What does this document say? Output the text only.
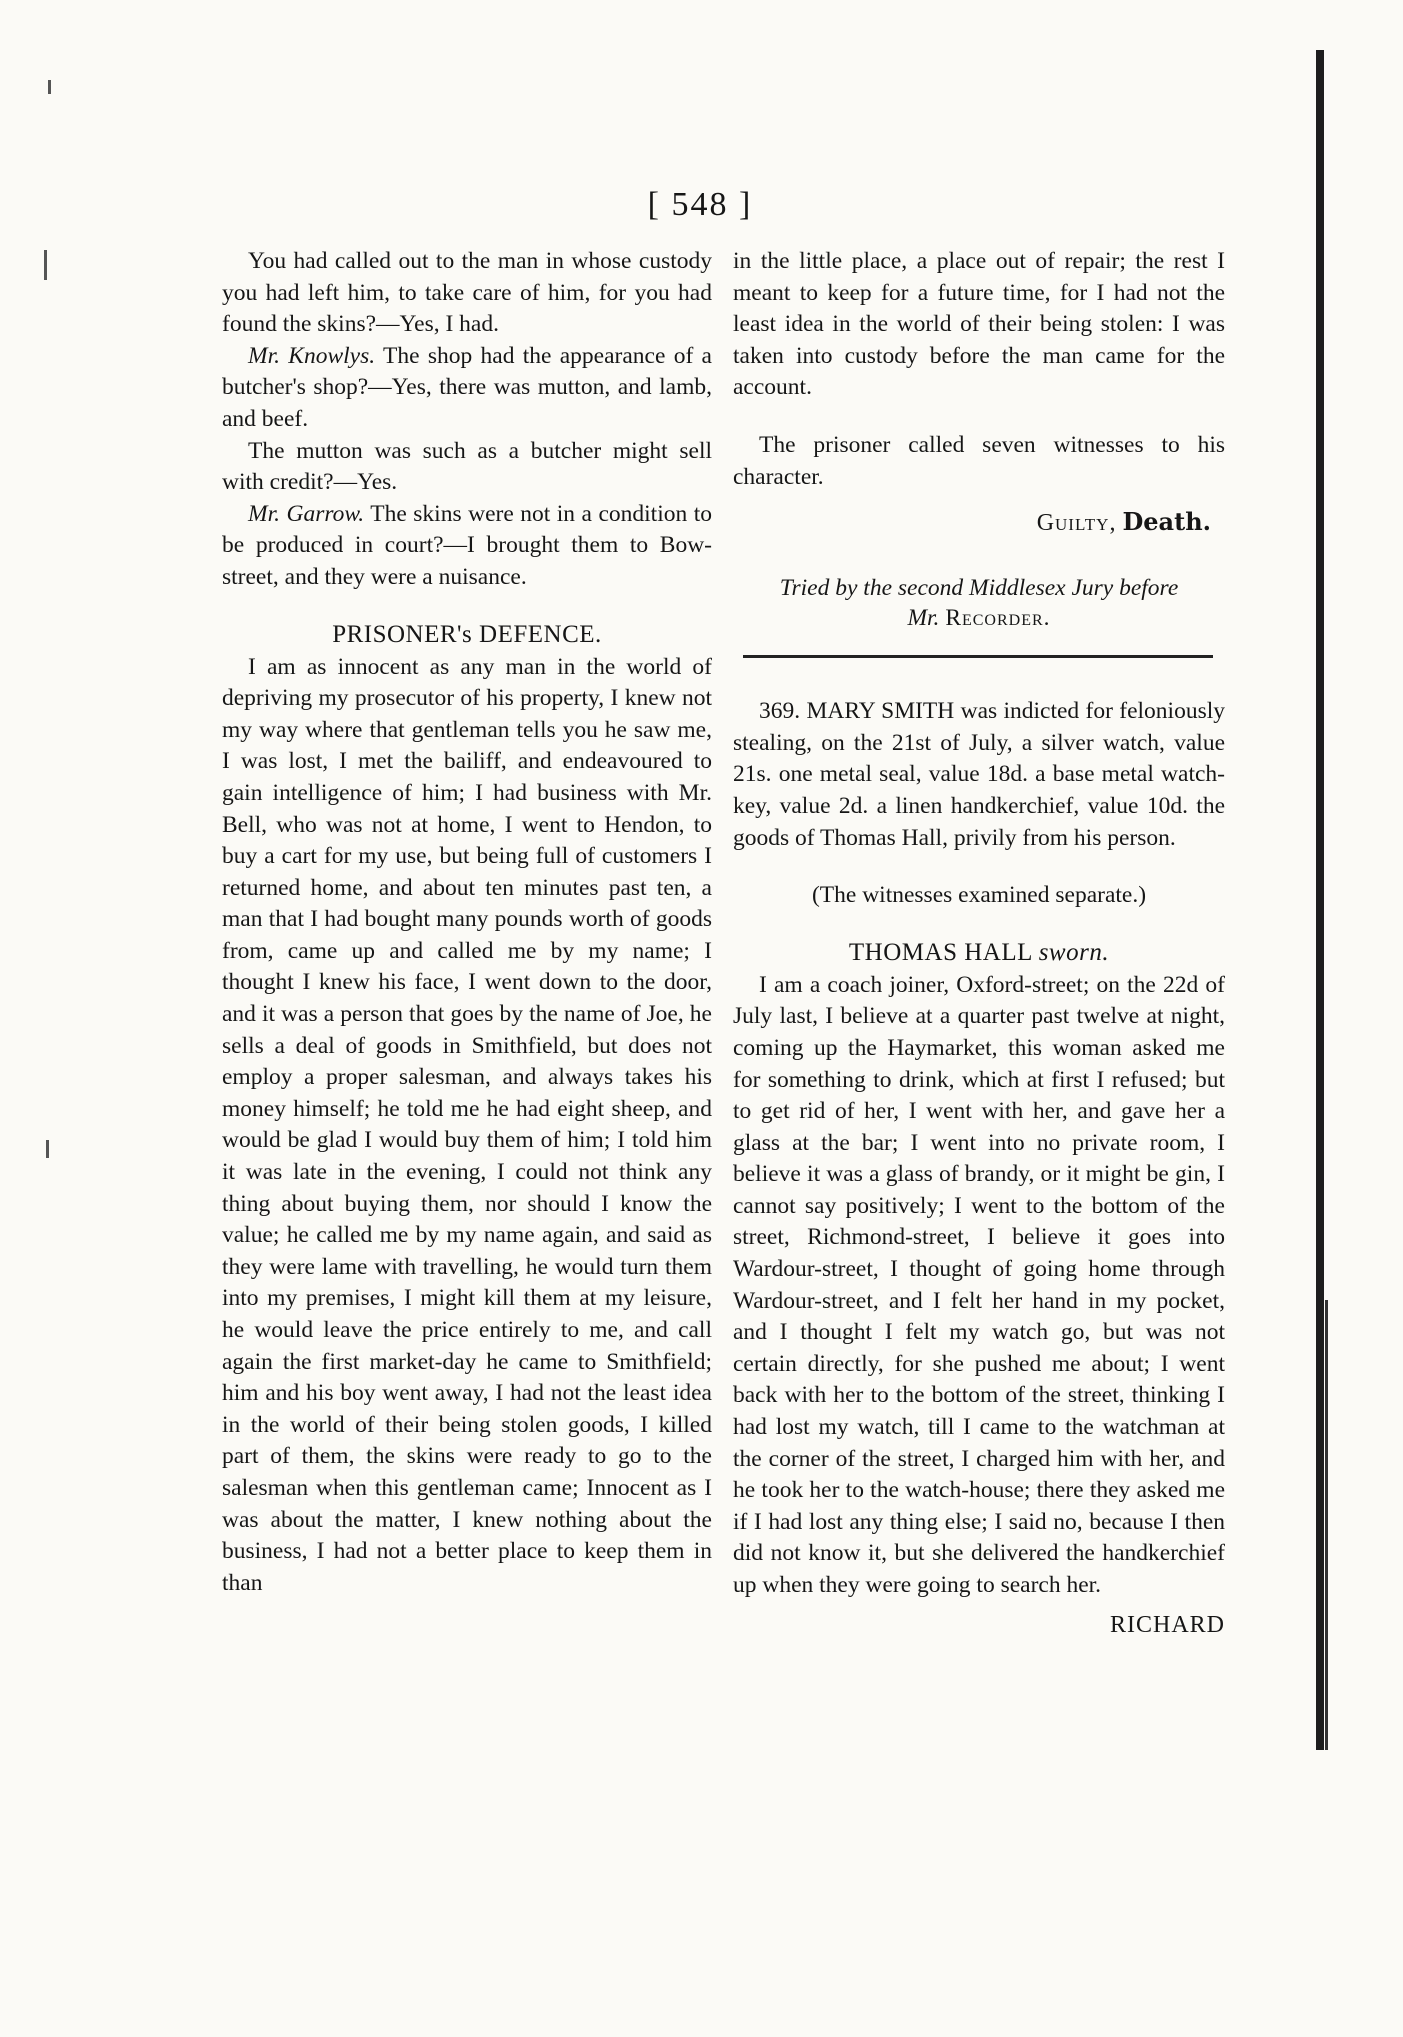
[ 548 ]

You had called out to the man in whose custody you had left him, to take care of him, for you had found the skins?—Yes, I had.

Mr. Knowlys. The shop had the appearance of a butcher's shop?—Yes, there was mutton, and lamb, and beef.

The mutton was such as a butcher might sell with credit?—Yes.

Mr. Garrow. The skins were not in a condition to be produced in court?—I brought them to Bow-street, and they were a nuisance.

PRISONER's DEFENCE.

I am as innocent as any man in the world of depriving my prosecutor of his property, I knew not my way where that gentleman tells you he saw me, I was lost, I met the bailiff, and endeavoured to gain intelligence of him; I had business with Mr. Bell, who was not at home, I went to Hendon, to buy a cart for my use, but being full of customers I returned home, and about ten minutes past ten, a man that I had bought many pounds worth of goods from, came up and called me by my name; I thought I knew his face, I went down to the door, and it was a person that goes by the name of Joe, he sells a deal of goods in Smithfield, but does not employ a proper salesman, and always takes his money himself; he told me he had eight sheep, and would be glad I would buy them of him; I told him it was late in the evening, I could not think any thing about buying them, nor should I know the value; he called me by my name again, and said as they were lame with travelling, he would turn them into my premises, I might kill them at my leisure, he would leave the price entirely to me, and call again the first market-day he came to Smithfield; him and his boy went away, I had not the least idea in the world of their being stolen goods, I killed part of them, the skins were ready to go to the salesman when this gentleman came; Innocent as I was about the matter, I knew nothing about the business, I had not a better place to keep them in than

in the little place, a place out of repair; the rest I meant to keep for a future time, for I had not the least idea in the world of their being stolen: I was taken into custody before the man came for the account.

The prisoner called seven witnesses to his character.

Guilty, Death.
Tried by the second Middlesex Jury before
Mr. Recorder.

369. MARY SMITH was indicted for feloniously stealing, on the 21st of July, a silver watch, value 21s. one metal seal, value 18d. a base metal watch-key, value 2d. a linen handkerchief, value 10d. the goods of Thomas Hall, privily from his person.

(The witnesses examined separate.)

THOMAS HALL sworn.

I am a coach joiner, Oxford-street; on the 22d of July last, I believe at a quarter past twelve at night, coming up the Haymarket, this woman asked me for something to drink, which at first I refused; but to get rid of her, I went with her, and gave her a glass at the bar; I went into no private room, I believe it was a glass of brandy, or it might be gin, I cannot say positively; I went to the bottom of the street, Richmond-street, I believe it goes into Wardour-street, I thought of going home through Wardour-street, and I felt her hand in my pocket, and I thought I felt my watch go, but was not certain directly, for she pushed me about; I went back with her to the bottom of the street, thinking I had lost my watch, till I came to the watchman at the corner of the street, I charged him with her, and he took her to the watch-house; there they asked me if I had lost any thing else; I said no, because I then did not know it, but she delivered the handkerchief up when they were going to search her.

RICHARD
